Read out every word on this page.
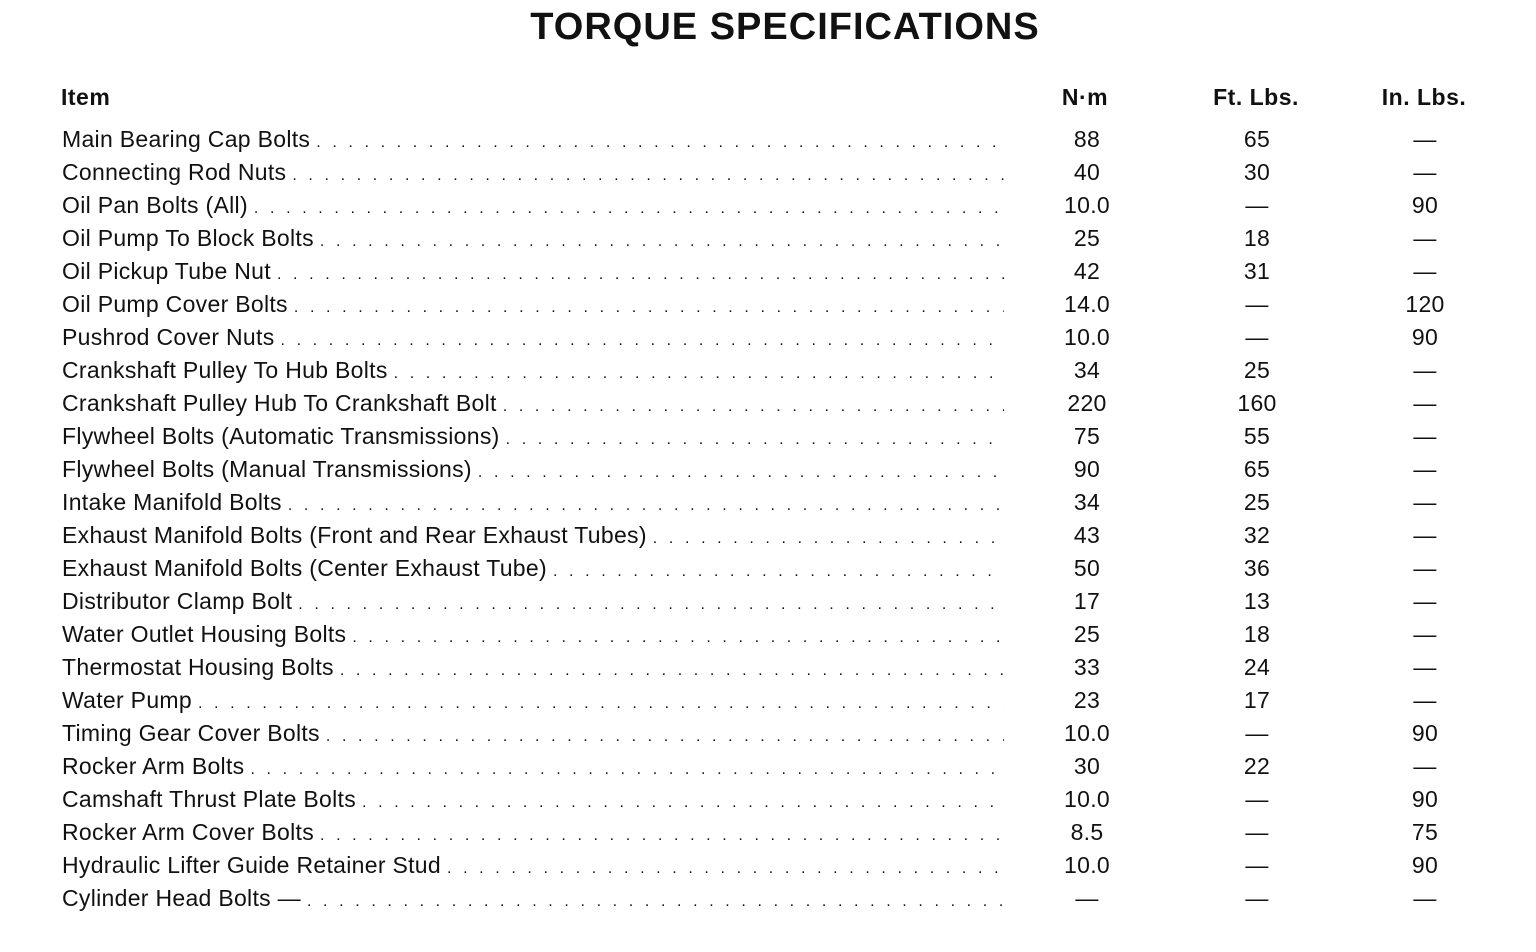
TORQUE SPECIFICATIONS
Item	N·m	Ft. Lbs.	In. Lbs.
Main Bearing Cap Bolts . . .	88	65	—
Connecting Rod Nuts . . .	40	30	—
Oil Pan Bolts (All) . . .	10.0	—	90
Oil Pump To Block Bolts . . .	25	18	—
Oil Pickup Tube Nut . . .	42	31	—
Oil Pump Cover Bolts . . .	14.0	—	120
Pushrod Cover Nuts . . .	10.0	—	90
Crankshaft Pulley To Hub Bolts . . .	34	25	—
Crankshaft Pulley Hub To Crankshaft Bolt . . .	220	160	—
Flywheel Bolts (Automatic Transmissions) . . .	75	55	—
Flywheel Bolts (Manual Transmissions) . . .	90	65	—
Intake Manifold Bolts . . .	34	25	—
Exhaust Manifold Bolts (Front and Rear Exhaust Tubes) . . .	43	32	—
Exhaust Manifold Bolts (Center Exhaust Tube) . . .	50	36	—
Distributor Clamp Bolt . . .	17	13	—
Water Outlet Housing Bolts . . .	25	18	—
Thermostat Housing Bolts . . .	33	24	—
Water Pump . . .	23	17	—
Timing Gear Cover Bolts . . .	10.0	—	90
Rocker Arm Bolts . . .	30	22	—
Camshaft Thrust Plate Bolts . . .	10.0	—	90
Rocker Arm Cover Bolts . . .	8.5	—	75
Hydraulic Lifter Guide Retainer Stud . . .	10.0	—	90
Cylinder Head Bolts — . . .	—	—	—
